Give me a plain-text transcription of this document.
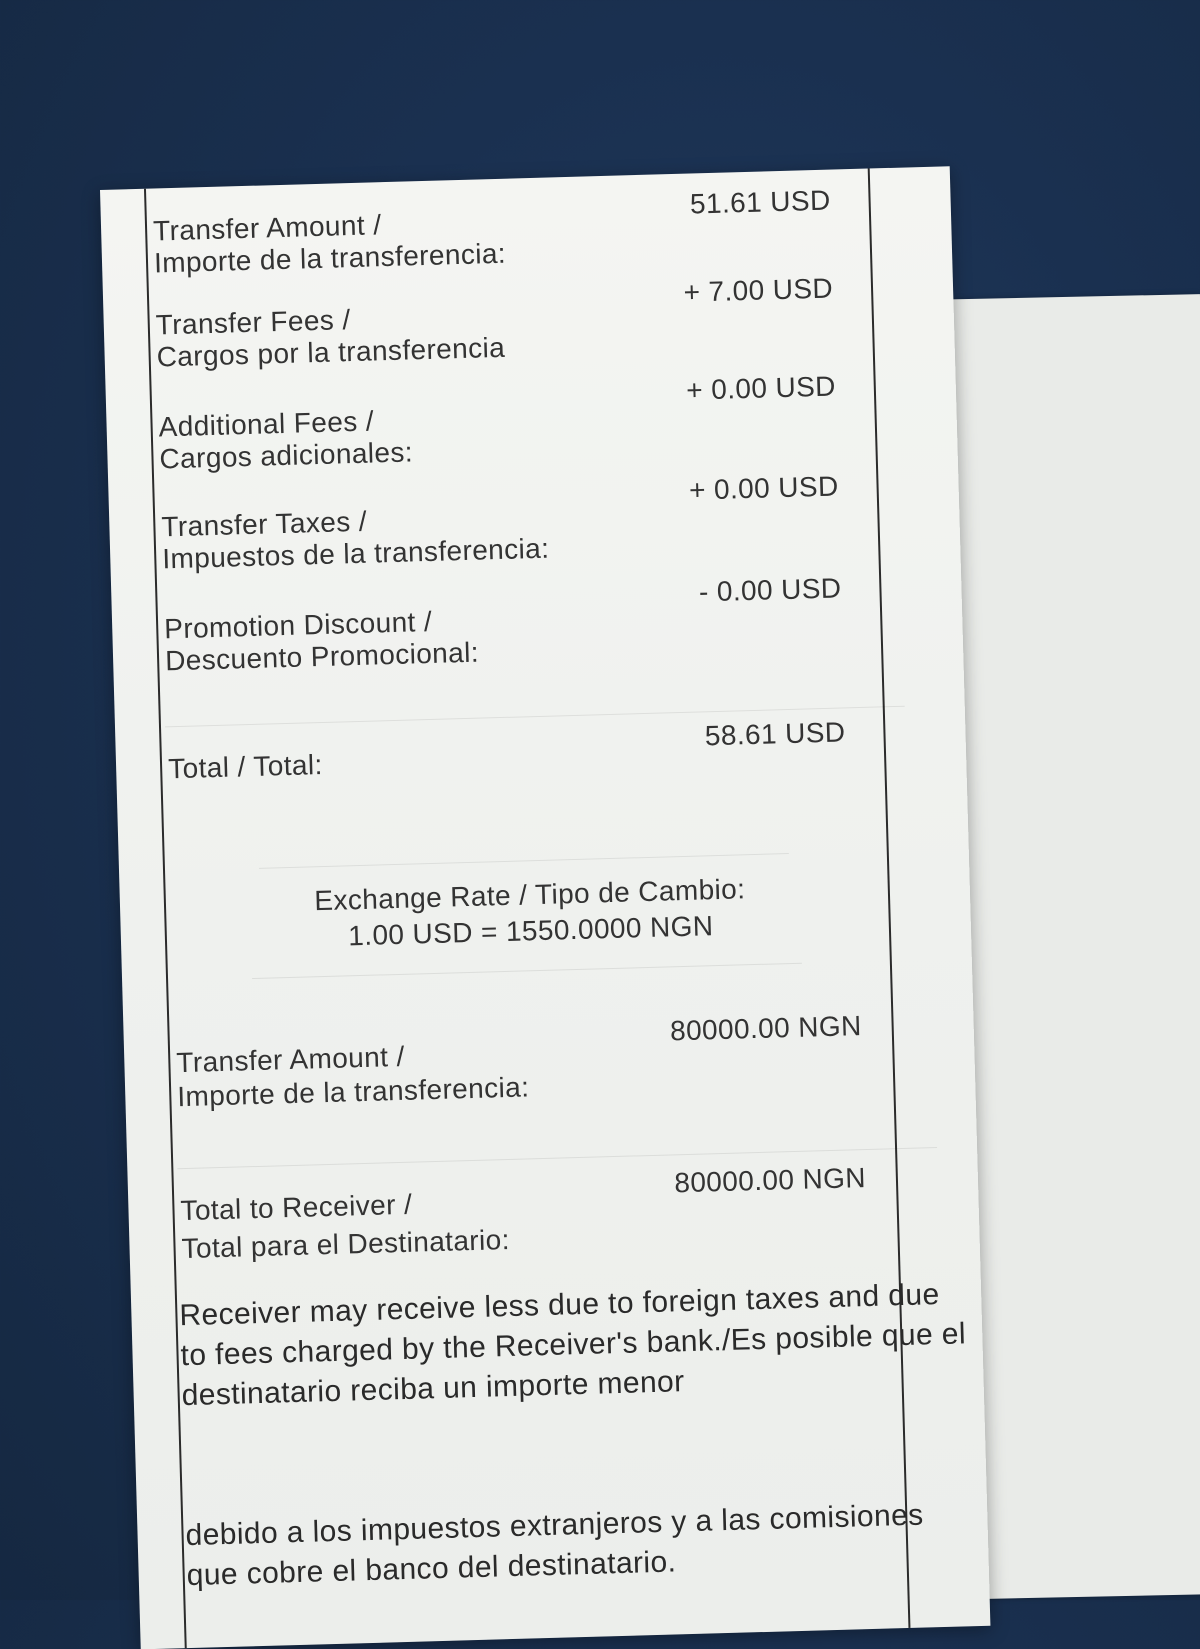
Transfer Amount /
Importe de la transferencia:
51.61 USD
Transfer Fees /
Cargos por la transferencia
+ 7.00 USD
Additional Fees /
Cargos adicionales:
+ 0.00 USD
Transfer Taxes /
Impuestos de la transferencia:
+ 0.00 USD
Promotion Discount /
Descuento Promocional:
- 0.00 USD
Total / Total:
58.61 USD
Exchange Rate / Tipo de Cambio:
1.00 USD = 1550.0000 NGN
Transfer Amount /
Importe de la transferencia:
80000.00 NGN
Total to Receiver /
Total para el Destinatario:
80000.00 NGN
Receiver may receive less due to foreign taxes and due to fees charged by the Receiver's bank./Es posible que el destinatario reciba un importe menor
debido a los impuestos extranjeros y a las comisiones que cobre el banco del destinatario.
